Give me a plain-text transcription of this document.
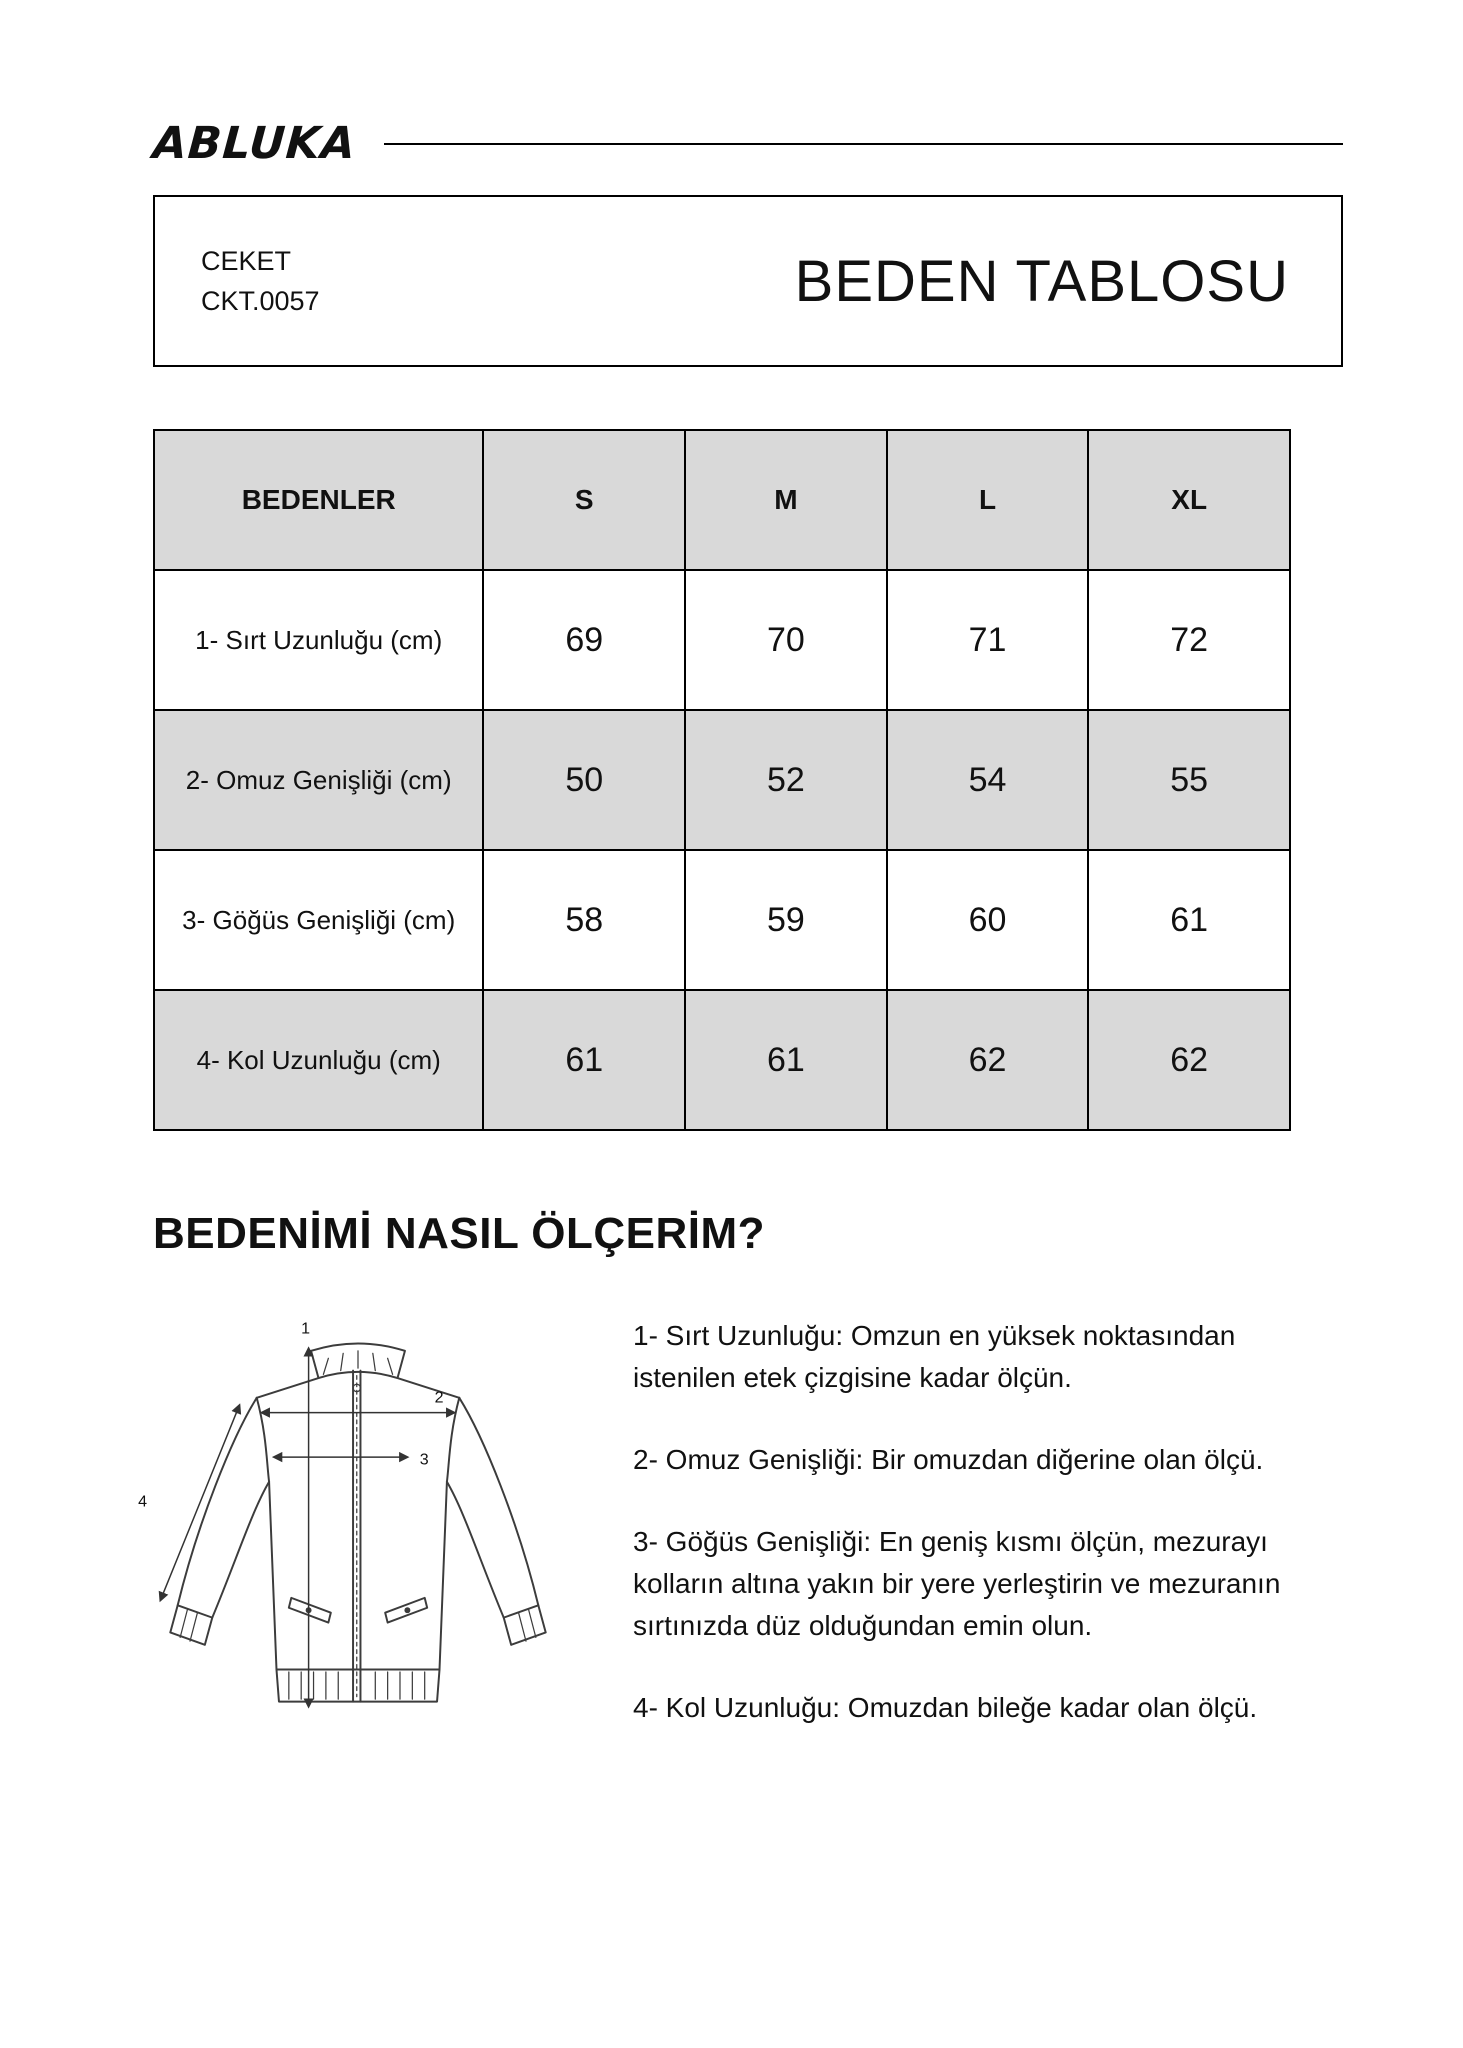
ABLUKA
CEKET
CKT.0057	BEDEN TABLOSU
BEDENLER	S	M	L	XL
1- Sırt Uzunluğu (cm)	69	70	71	72
2- Omuz Genişliği (cm)	50	52	54	55
3- Göğüs Genişliği (cm)	58	59	60	61
4- Kol Uzunluğu (cm)	61	61	62	62
BEDENİMİ NASIL ÖLÇERİM?
1
2
3
4

1- Sırt Uzunluğu: Omzun en yüksek noktasından istenilen etek çizgisine kadar ölçün.

2- Omuz Genişliği: Bir omuzdan diğerine olan ölçü.

3- Göğüs Genişliği: En geniş kısmı ölçün, mezurayı kolların altına yakın bir yere yerleştirin ve mezuranın sırtınızda düz olduğundan emin olun.

4- Kol Uzunluğu: Omuzdan bileğe kadar olan ölçü.
